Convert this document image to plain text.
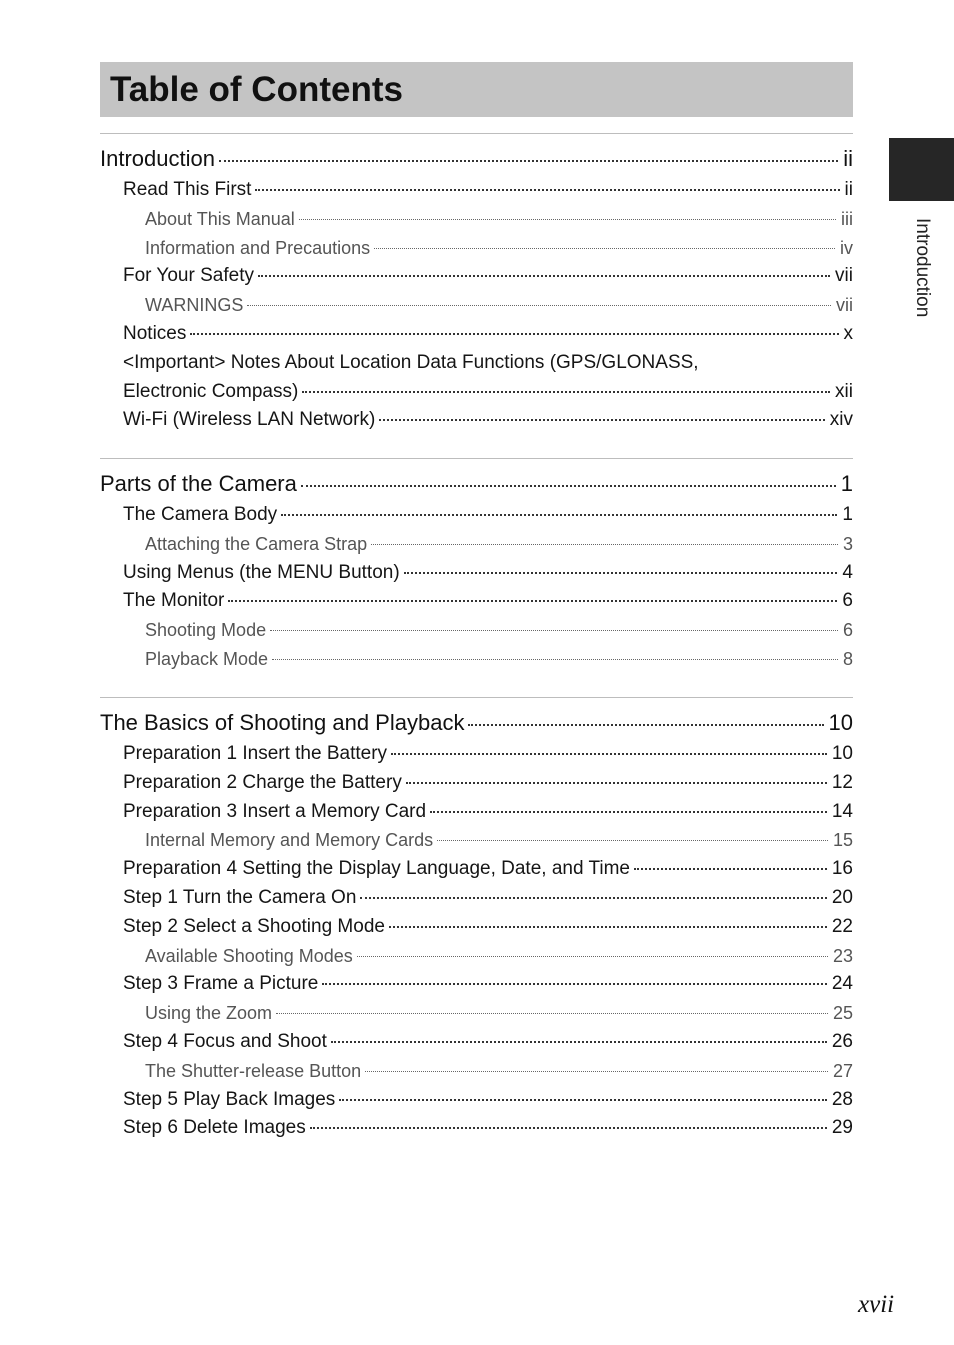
Table of Contents
Introduction
Introduction	ii
Read This First	ii
About This Manual	iii
Information and Precautions	iv
For Your Safety	vii
WARNINGS	vii
Notices	x
<Important> Notes About Location Data Functions (GPS/GLONASS,
Electronic Compass)	xii
Wi-Fi (Wireless LAN Network)	xiv
Parts of the Camera	1
The Camera Body	1
Attaching the Camera Strap	3
Using Menus (the MENU Button)	4
The Monitor	6
Shooting Mode	6
Playback Mode	8
The Basics of Shooting and Playback	10
Preparation 1 Insert the Battery	10
Preparation 2 Charge the Battery	12
Preparation 3 Insert a Memory Card	14
Internal Memory and Memory Cards	15
Preparation 4 Setting the Display Language, Date, and Time	16
Step 1 Turn the Camera On	20
Step 2 Select a Shooting Mode	22
Available Shooting Modes	23
Step 3 Frame a Picture	24
Using the Zoom	25
Step 4 Focus and Shoot	26
The Shutter-release Button	27
Step 5 Play Back Images	28
Step 6 Delete Images	29
xvii
